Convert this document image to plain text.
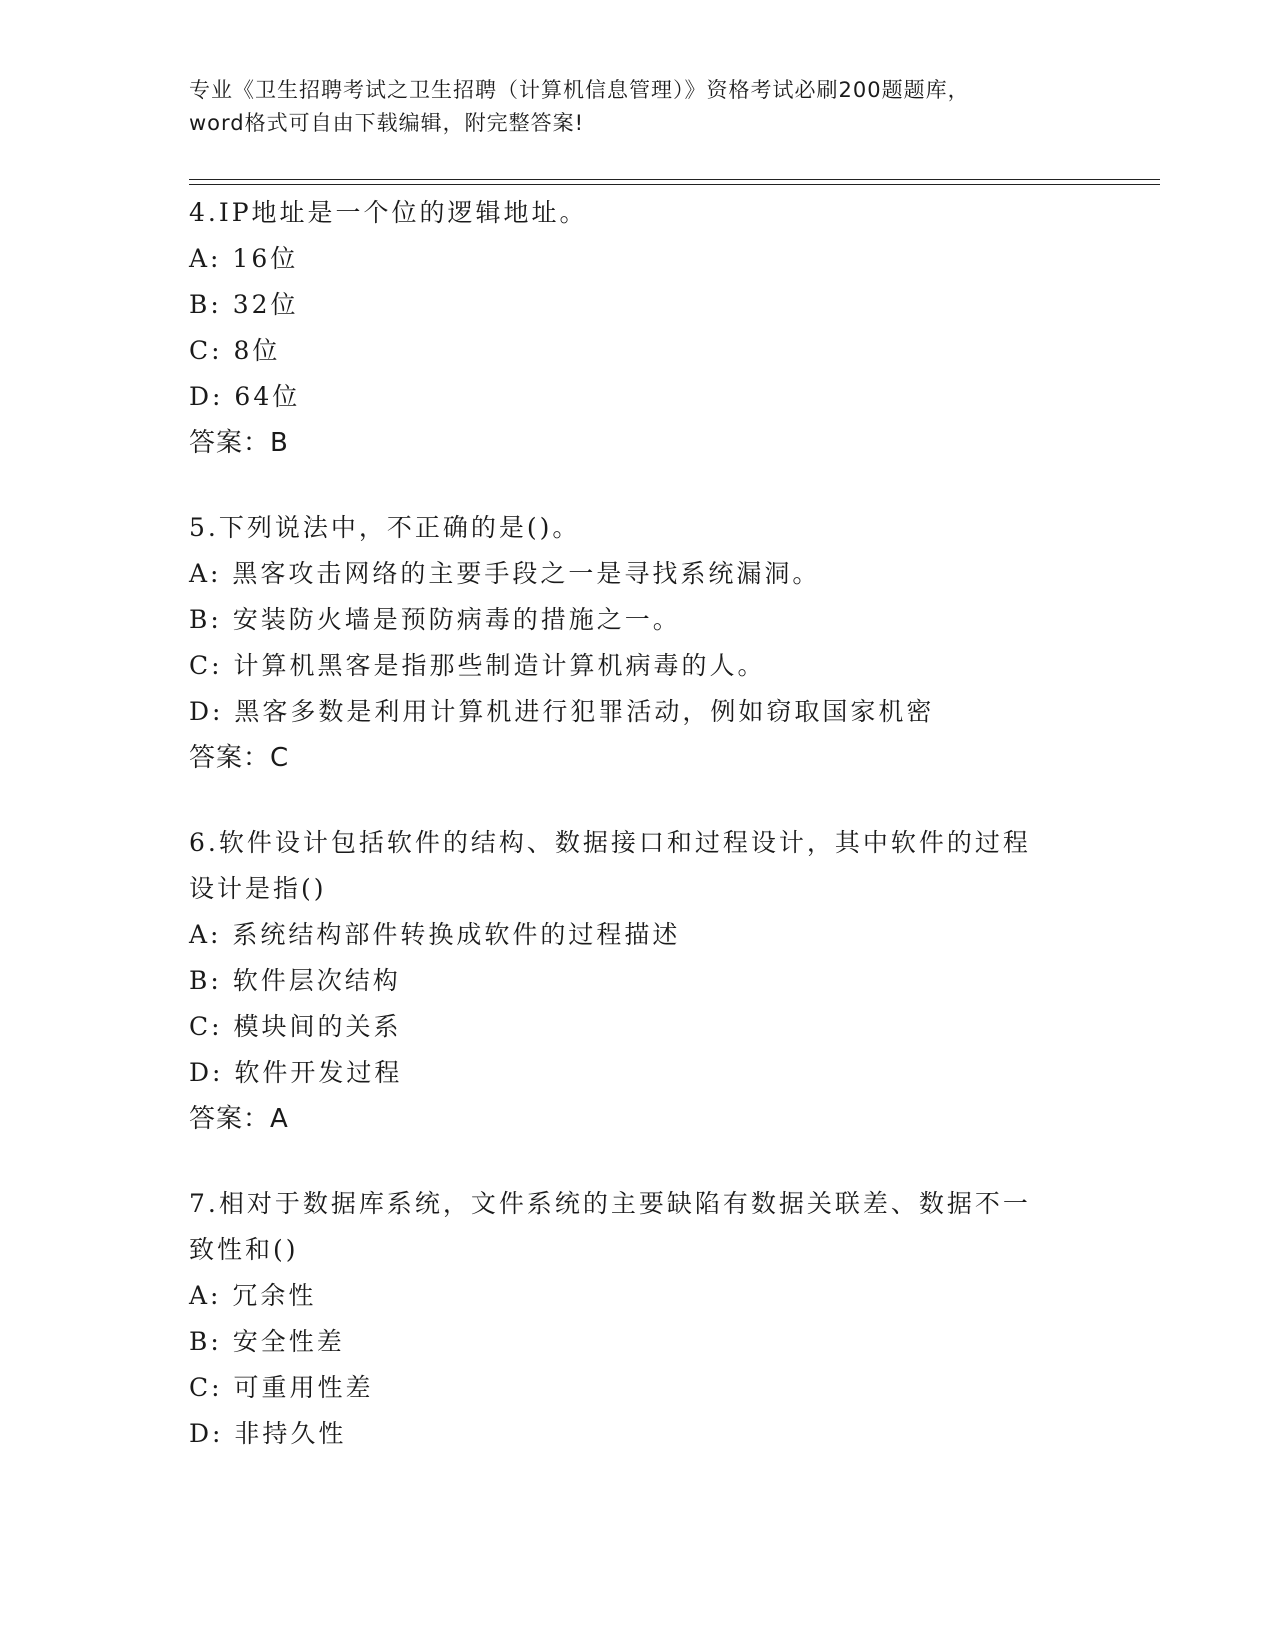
专业《卫生招聘考试之卫生招聘（计算机信息管理）》资格考试必刷200题题库，
word格式可自由下载编辑，附完整答案!
4.IP地址是一个位的逻辑地址。
A: 16位
B: 32位
C: 8位
D: 64位
答案：B
5.下列说法中，不正确的是()。
A: 黑客攻击网络的主要手段之一是寻找系统漏洞。
B: 安装防火墙是预防病毒的措施之一。
C: 计算机黑客是指那些制造计算机病毒的人。
D: 黑客多数是利用计算机进行犯罪活动，例如窃取国家机密
答案：C
6.软件设计包括软件的结构、数据接口和过程设计，其中软件的过程
设计是指()
A: 系统结构部件转换成软件的过程描述
B: 软件层次结构
C: 模块间的关系
D: 软件开发过程
答案：A
7.相对于数据库系统，文件系统的主要缺陷有数据关联差、数据不一
致性和()
A: 冗余性
B: 安全性差
C: 可重用性差
D: 非持久性
